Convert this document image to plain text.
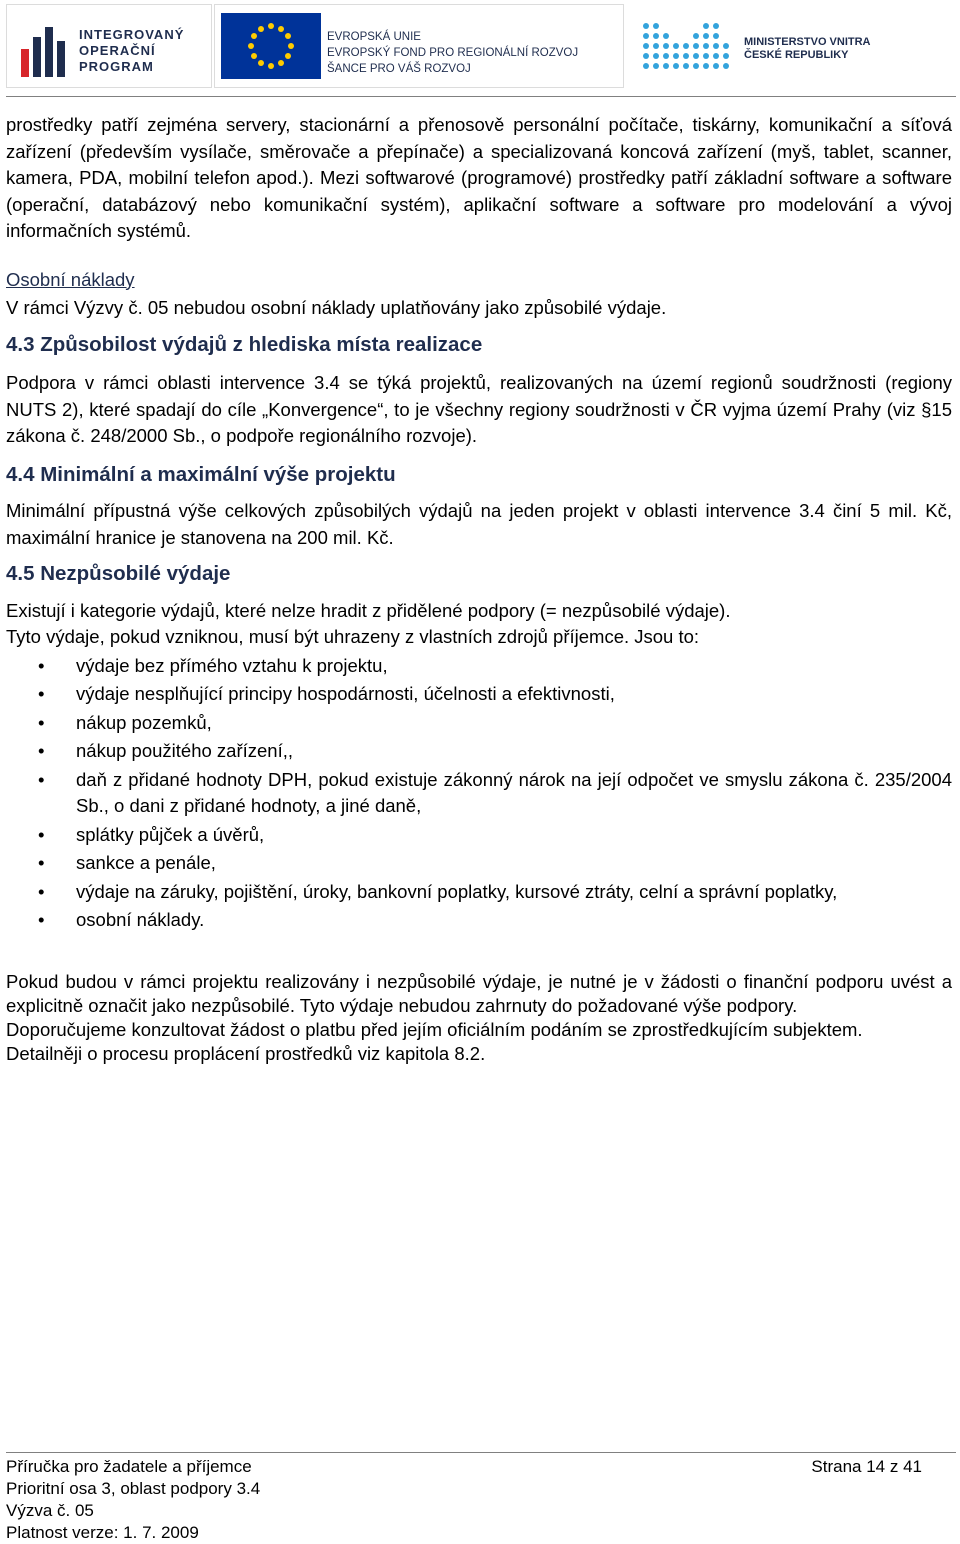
INTEGROVANÝ
OPERAČNÍ
PROGRAM
EVROPSKÁ UNIE
EVROPSKÝ FOND PRO REGIONÁLNÍ ROZVOJ
ŠANCE PRO VÁŠ ROZVOJ
MINISTERSTVO VNITRA
ČESKÉ REPUBLIKY

prostředky patří zejména servery, stacionární a přenosově personální počítače, tiskárny, komunikační a síťová zařízení (především vysílače, směrovače a přepínače) a specializovaná koncová zařízení (myš, tablet, scanner, kamera, PDA, mobilní telefon apod.). Mezi softwarové (programové) prostředky patří základní software a software (operační, databázový nebo komunikační systém), aplikační software a software pro modelování a vývoj informačních systémů.

Osobní náklady

V rámci Výzvy č. 05 nebudou osobní náklady uplatňovány jako způsobilé výdaje.

4.3 Způsobilost výdajů z hlediska místa realizace

Podpora v rámci oblasti intervence 3.4 se týká projektů, realizovaných na území regionů soudržnosti (regiony NUTS 2), které spadají do cíle „Konvergence“, to je všechny regiony soudržnosti v ČR vyjma území Prahy (viz §15 zákona č. 248/2000 Sb., o podpoře regionálního rozvoje).

4.4 Minimální a maximální výše projektu

Minimální přípustná výše celkových způsobilých výdajů na jeden projekt v oblasti intervence 3.4 činí 5 mil. Kč, maximální hranice je stanovena na 200 mil. Kč.

4.5 Nezpůsobilé výdaje

Existují i kategorie výdajů, které nelze hradit z přidělené podpory (= nezpůsobilé výdaje).

Tyto výdaje, pokud vzniknou, musí být uhrazeny z vlastních zdrojů příjemce. Jsou to:

• výdaje bez přímého vztahu k projektu,
• výdaje nesplňující principy hospodárnosti, účelnosti a efektivnosti,
• nákup pozemků,
• nákup použitého zařízení,,
• daň z přidané hodnoty DPH, pokud existuje zákonný nárok na její odpočet ve smyslu zákona č. 235/2004 Sb., o dani z přidané hodnoty, a jiné daně,
• splátky půjček a úvěrů,
• sankce a penále,
• výdaje na záruky, pojištění, úroky, bankovní poplatky, kursové ztráty, celní a správní poplatky,
• osobní náklady.

Pokud budou v rámci projektu realizovány i nezpůsobilé výdaje, je nutné je v žádosti o finanční podporu uvést a explicitně označit jako nezpůsobilé. Tyto výdaje nebudou zahrnuty do požadované výše podpory.

Doporučujeme konzultovat žádost o platbu před jejím oficiálním podáním se zprostředkujícím subjektem.

Detailněji o procesu proplácení prostředků viz kapitola 8.2.

Příručka pro žadatele a příjemce
Prioritní osa 3, oblast podpory 3.4
Výzva č. 05
Platnost verze: 1. 7. 2009
Strana 14 z 41
